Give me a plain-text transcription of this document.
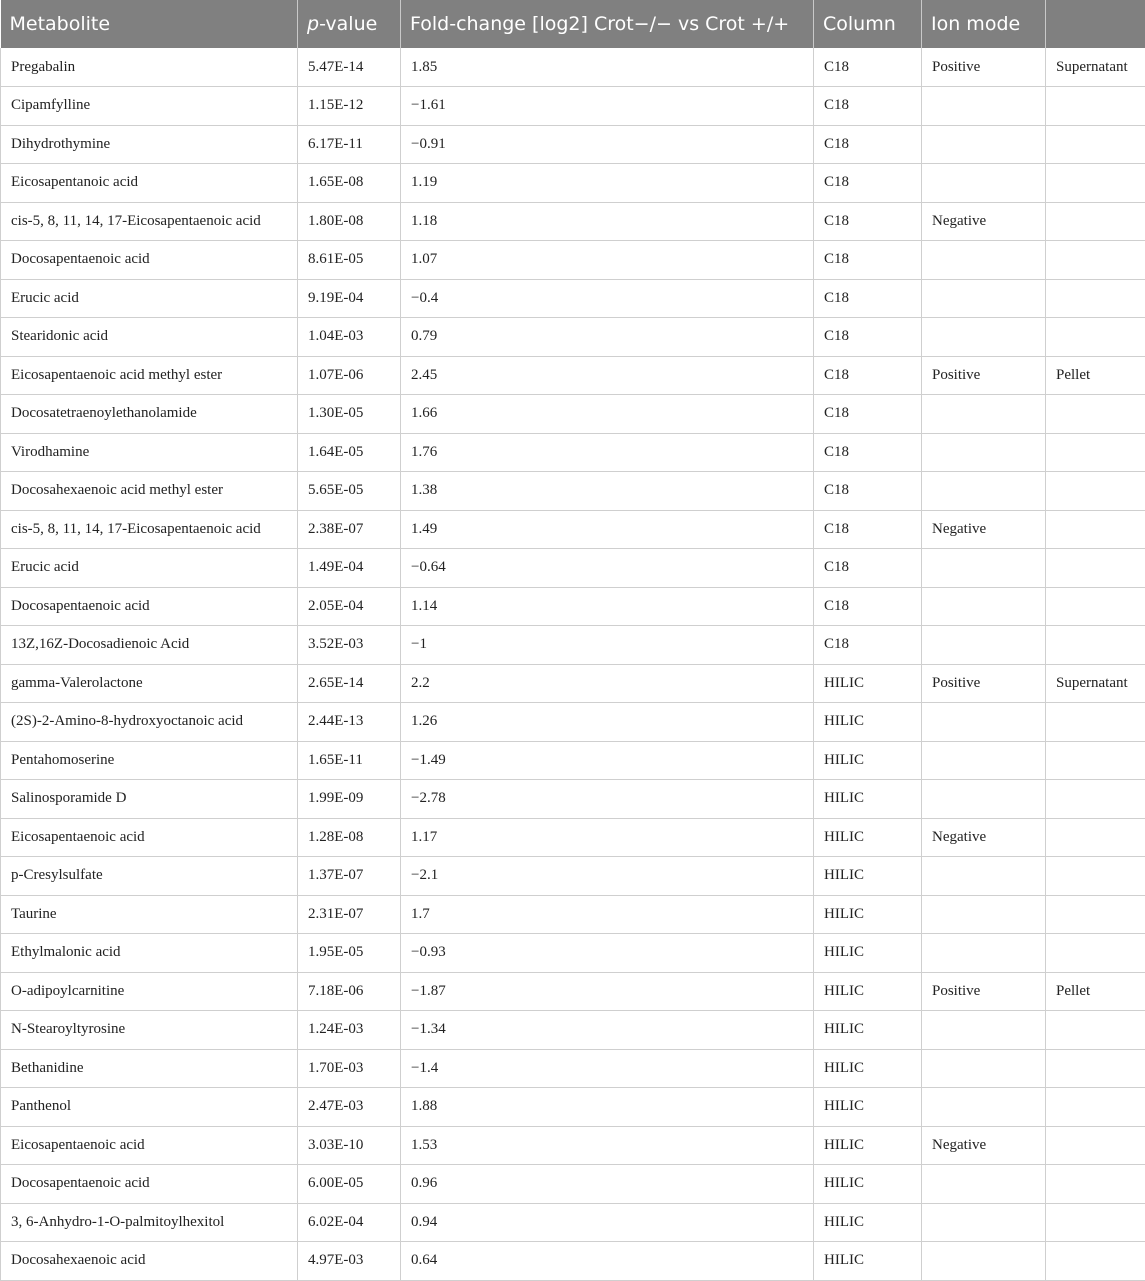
Metabolite	p-value	Fold-change [log2] Crot−/− vs Crot +/+	Column	Ion mode	
Pregabalin	5.47E-14	1.85	C18	Positive	Supernatant
Cipamfylline	1.15E-12	−1.61	C18		
Dihydrothymine	6.17E-11	−0.91	C18		
Eicosapentanoic acid	1.65E-08	1.19	C18		
cis-5, 8, 11, 14, 17-Eicosapentaenoic acid	1.80E-08	1.18	C18	Negative	
Docosapentaenoic acid	8.61E-05	1.07	C18		
Erucic acid	9.19E-04	−0.4	C18		
Stearidonic acid	1.04E-03	0.79	C18		
Eicosapentaenoic acid methyl ester	1.07E-06	2.45	C18	Positive	Pellet
Docosatetraenoylethanolamide	1.30E-05	1.66	C18		
Virodhamine	1.64E-05	1.76	C18		
Docosahexaenoic acid methyl ester	5.65E-05	1.38	C18		
cis-5, 8, 11, 14, 17-Eicosapentaenoic acid	2.38E-07	1.49	C18	Negative	
Erucic acid	1.49E-04	−0.64	C18		
Docosapentaenoic acid	2.05E-04	1.14	C18		
13Z,16Z-Docosadienoic Acid	3.52E-03	−1	C18		
gamma-Valerolactone	2.65E-14	2.2	HILIC	Positive	Supernatant
(2S)-2-Amino-8-hydroxyoctanoic acid	2.44E-13	1.26	HILIC		
Pentahomoserine	1.65E-11	−1.49	HILIC		
Salinosporamide D	1.99E-09	−2.78	HILIC		
Eicosapentaenoic acid	1.28E-08	1.17	HILIC	Negative	
p-Cresylsulfate	1.37E-07	−2.1	HILIC		
Taurine	2.31E-07	1.7	HILIC		
Ethylmalonic acid	1.95E-05	−0.93	HILIC		
O-adipoylcarnitine	7.18E-06	−1.87	HILIC	Positive	Pellet
N-Stearoyltyrosine	1.24E-03	−1.34	HILIC		
Bethanidine	1.70E-03	−1.4	HILIC		
Panthenol	2.47E-03	1.88	HILIC		
Eicosapentaenoic acid	3.03E-10	1.53	HILIC	Negative	
Docosapentaenoic acid	6.00E-05	0.96	HILIC		
3, 6-Anhydro-1-O-palmitoylhexitol	6.02E-04	0.94	HILIC		
Docosahexaenoic acid	4.97E-03	0.64	HILIC		
